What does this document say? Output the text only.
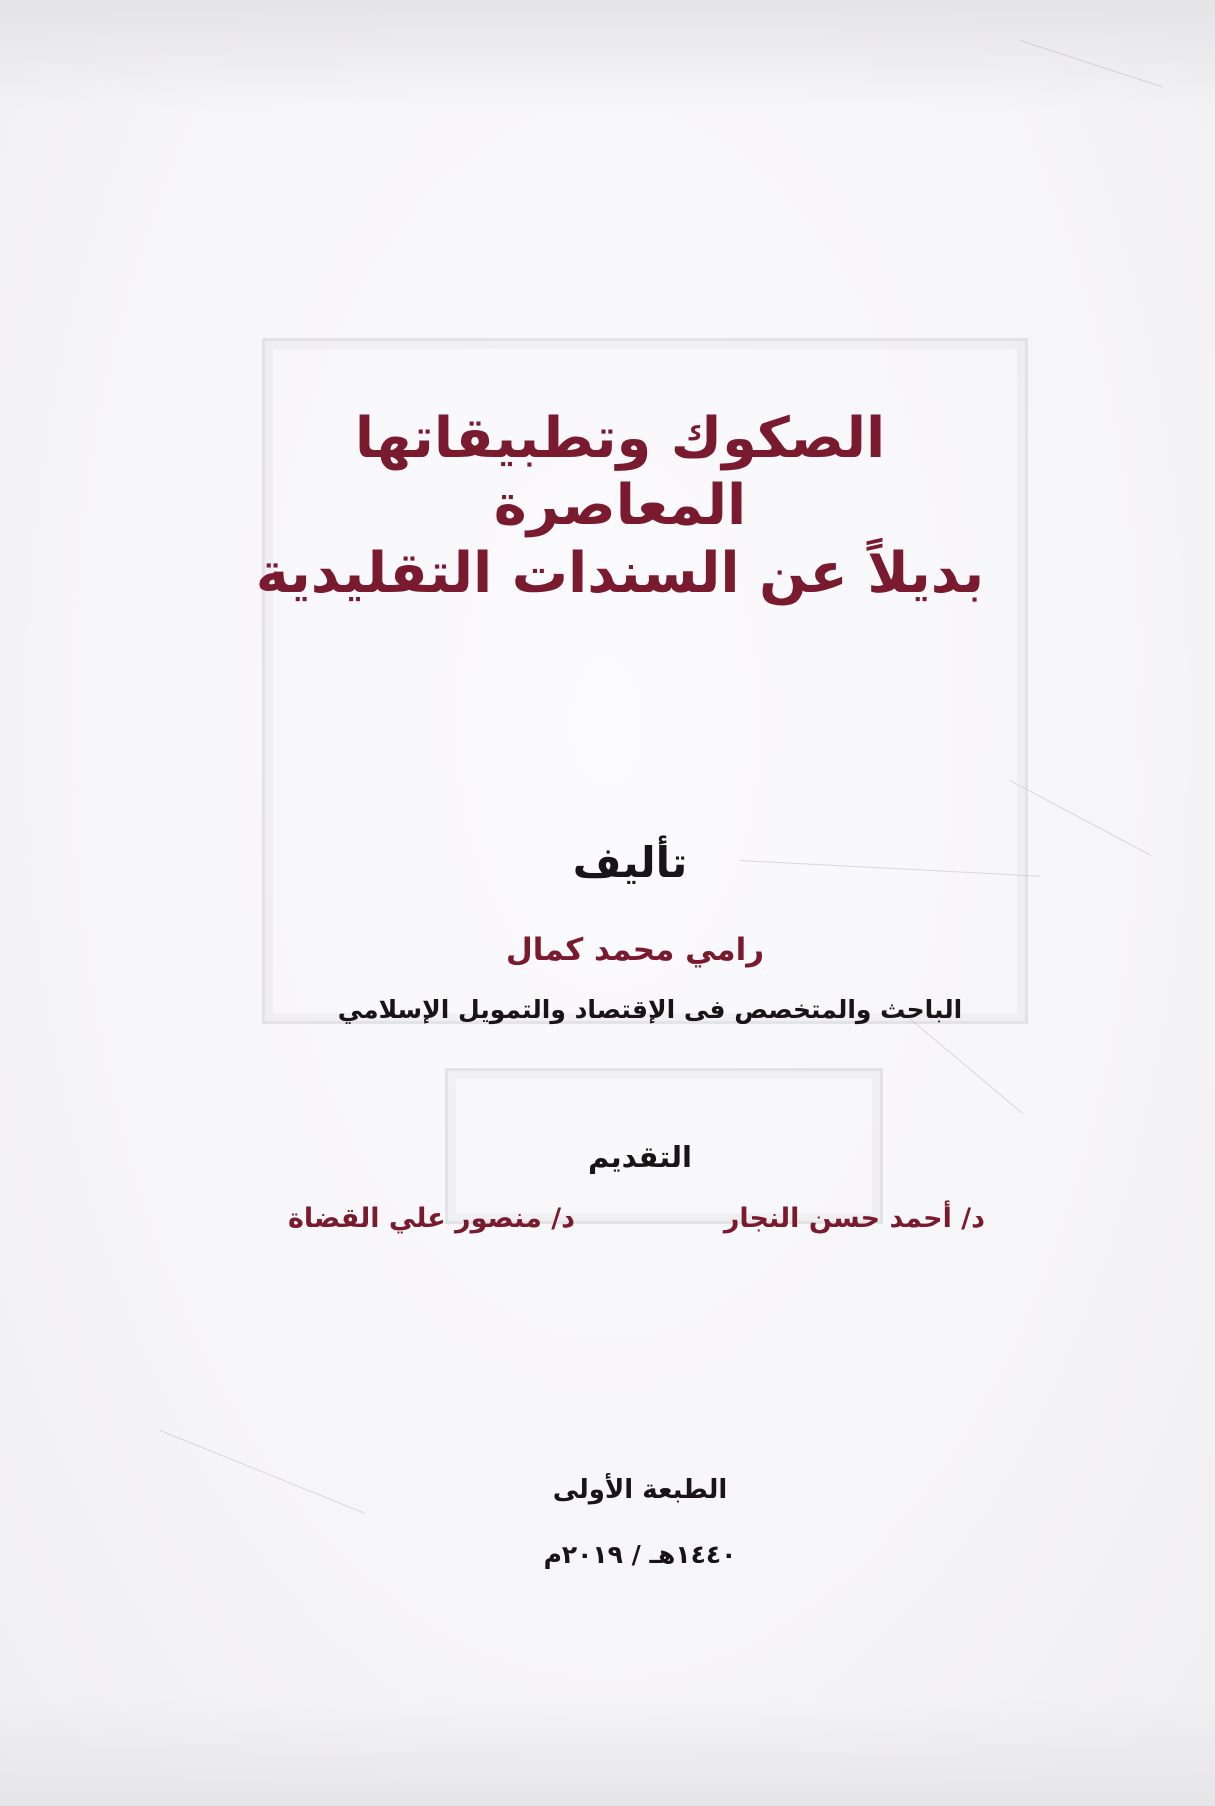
الصكوك وتطبيقاتها المعاصرة
بديلاً عن السندات التقليدية
تأليف
رامي محمد كمال
الباحث والمتخصص فى الإقتصاد والتمويل الإسلامي
التقديم
د/ أحمد حسن النجار
د/ منصور علي القضاة
الطبعة الأولى
١٤٤٠هـ / ٢٠١٩م
